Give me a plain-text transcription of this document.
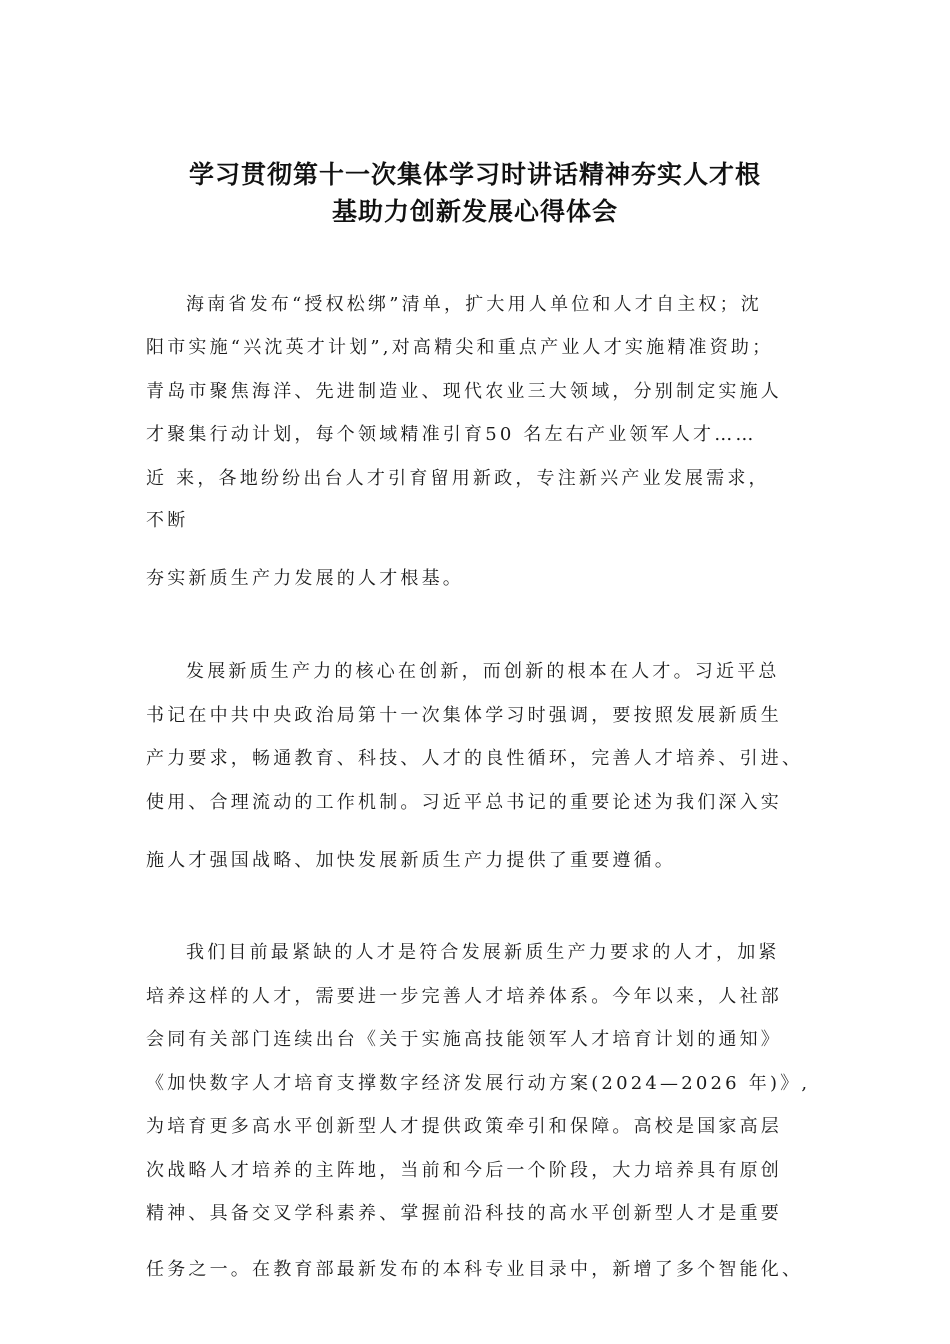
学习贯彻第十一次集体学习时讲话精神夯实人才根
基助力创新发展心得体会
海南省发布“授权松绑”清单，扩大用人单位和人才自主权；沈
阳市实施“兴沈英才计划”,对高精尖和重点产业人才实施精准资助；
青岛市聚焦海洋、先进制造业、现代农业三大领域，分别制定实施人
才聚集行动计划，每个领域精准引育50 名左右产业领军人才……
近 来，各地纷纷出台人才引育留用新政，专注新兴产业发展需求，
不断
夯实新质生产力发展的人才根基。
发展新质生产力的核心在创新，而创新的根本在人才。习近平总
书记在中共中央政治局第十一次集体学习时强调，要按照发展新质生
产力要求，畅通教育、科技、人才的良性循环，完善人才培养、引进、
使用、合理流动的工作机制。习近平总书记的重要论述为我们深入实
施人才强国战略、加快发展新质生产力提供了重要遵循。
我们目前最紧缺的人才是符合发展新质生产力要求的人才，加紧
培养这样的人才，需要进一步完善人才培养体系。今年以来，人社部
会同有关部门连续出台《关于实施高技能领军人才培育计划的通知》
《加快数字人才培育支撑数字经济发展行动方案(2024—2026 年)》,
为培育更多高水平创新型人才提供政策牵引和保障。高校是国家高层
次战略人才培养的主阵地，当前和今后一个阶段，大力培养具有原创
精神、具备交叉学科素养、掌握前沿科技的高水平创新型人才是重要
任务之一。在教育部最新发布的本科专业目录中，新增了多个智能化、
